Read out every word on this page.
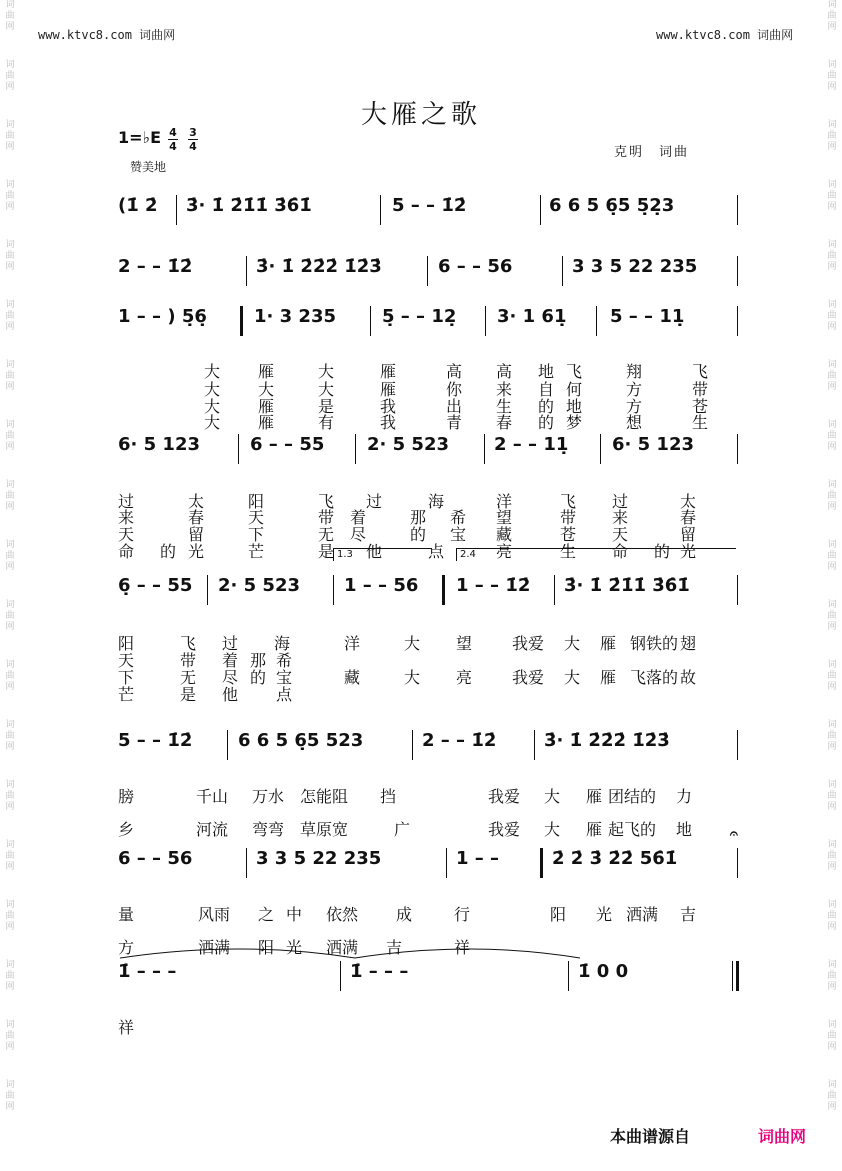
词
曲
网
词
曲
网
词
曲
网
词
曲
网
词
曲
网
词
曲
网
词
曲
网
词
曲
网
词
曲
网
词
曲
网
词
曲
网
词
曲
网
词
曲
网
词
曲
网
词
曲
网
词
曲
网
词
曲
网
词
曲
网
词
曲
网
词
曲
网
词
曲
网
词
曲
网
词
曲
网
词
曲
网
词
曲
网
词
曲
网
词
曲
网
词
曲
网
词
曲
网
词
曲
网
词
曲
网
词
曲
网
词
曲
网
词
曲
网
词
曲
网
词
曲
网
词
曲
网
词
曲
网
www.ktvc8.com 词曲网	www.ktvc8.com 词曲网
大雁之歌
1=♭E 4
4
3
4
赞美地
克明　词曲
(1̇ 2̇ 3̇· 1̇ 2̇1̇1̇ 3̇6̇1̇	5 – – 1̇2̇	6 6 5 6̣5 5̣2̣3
2 – – 1̇2̇	3̇· 1̇ 2̇2̇2̇ 1̇2̇3̇	6 – – 56	3 3 5 22 235
1 – – ) 5̣6̣	1· 3 235	5̣ – – 12̣ 3· 1 61̣ 5 – – 11̣

大 雁	大	雁	高 高 地 飞	翔	飞

大 大	大	雁	你 来 自 何	方	带

大 雁	是	我	出 生 的 地	方	苍

大 雁	有	我	青 春 的 梦	想	生

6· 5 123	6 – – 55 2· 5 523	2 – – 11̣ 6· 5 123

过	太	阳	飞 过	海	洋	飞 过	太

来	春	天	带 着	那 希 望	带 来	春

天	留	下	无 尽	的 宝 藏	苍 天	留

命 的 光	芒	是 他	点	亮	生 命 的 光

1.3	2.4
6̣ – – 55 2· 5 523 1 – – 56 1 – – 1̇2̇ 3̇· 1̇ 2̇1̇1̇ 3̇6̇1̇

阳	飞 过 海	洋	大 望 我爱 大 雁 钢铁的 翅

天	带 着 那 希

下	无 尽 的 宝	藏	大 亮 我爱 大 雁 飞落的 故

芒	是 他 点

5 – – 1̇2̇	6 6 5 6̣5 523	2 – – 1̇2̇	3̇· 1̇ 2̇2̇2̇ 1̇2̇3̇

膀	千山 万水 怎能阻 挡	我爱 大 雁 团结的 力

乡	河流 弯弯 草原宽	广	我爱 大 雁 起飞的 地

6 – – 56	3 3 5 22 235	1 – –	2̇ 2̇ 3̇ 2̇2̇ 56̇1̇
𝄐

量	风雨 之 中 依然 成	行	阳 光 洒满 吉

方	洒满 阳 光 洒满 吉	祥

1̇ – – –	1̇ – – –	1̇ 0 0

祥

本曲谱源自	词曲网
